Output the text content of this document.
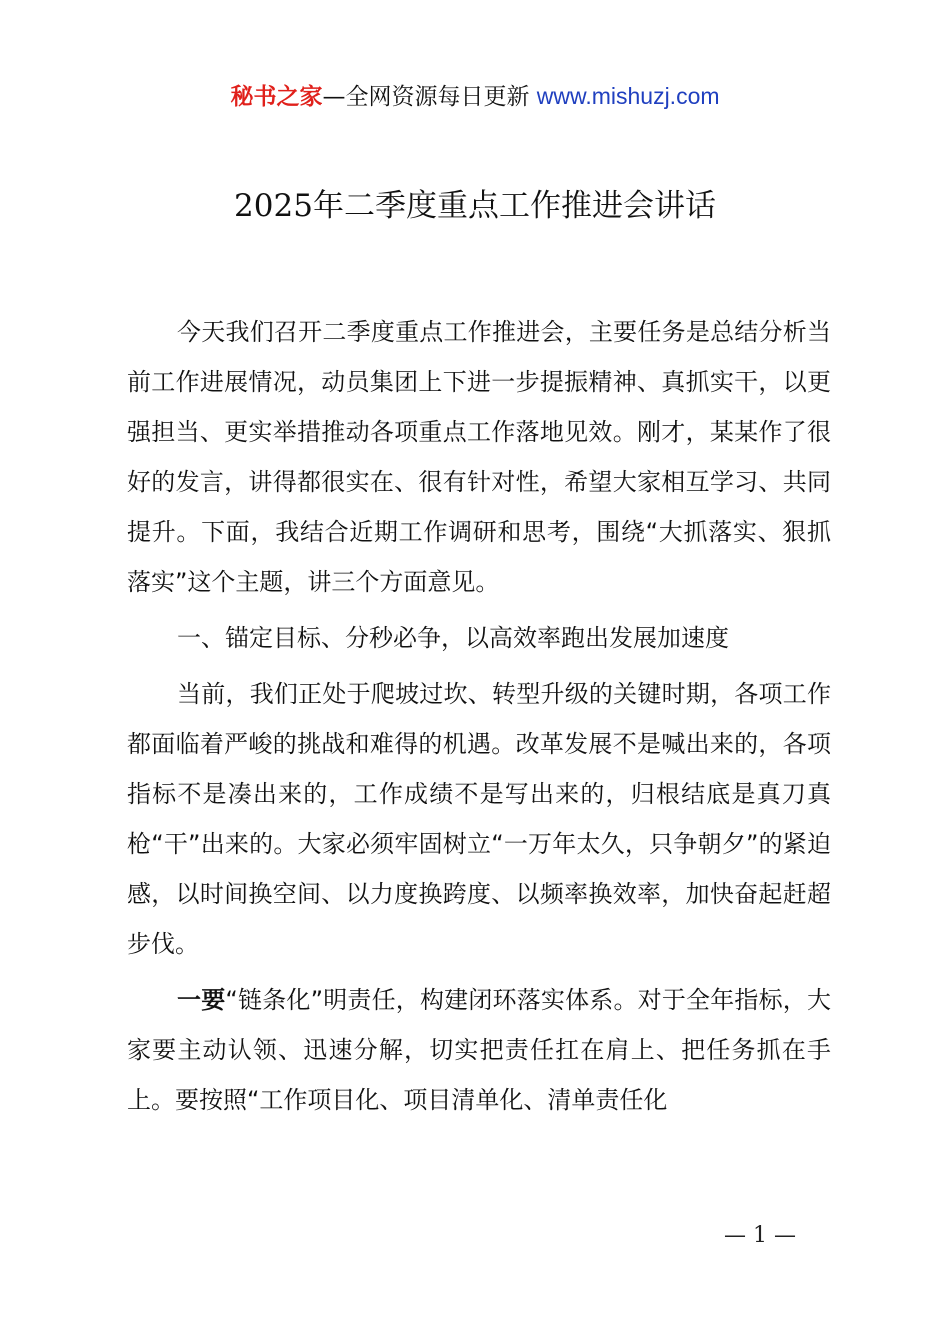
秘书之家—全网资源每日更新 www.mishuzj.com
2025年二季度重点工作推进会讲话

今天我们召开二季度重点工作推进会，主要任务是总结分析当前工作进展情况，动员集团上下进一步提振精神、真抓实干，以更强担当、更实举措推动各项重点工作落地见效。刚才，某某作了很好的发言，讲得都很实在、很有针对性，希望大家相互学习、共同提升。下面，我结合近期工作调研和思考，围绕“大抓落实、狠抓落实”这个主题，讲三个方面意见。

一、锚定目标、分秒必争，以高效率跑出发展加速度

当前，我们正处于爬坡过坎、转型升级的关键时期，各项工作都面临着严峻的挑战和难得的机遇。改革发展不是喊出来的，各项指标不是凑出来的，工作成绩不是写出来的，归根结底是真刀真枪“干”出来的。大家必须牢固树立“一万年太久，只争朝夕”的紧迫感，以时间换空间、以力度换跨度、以频率换效率，加快奋起赶超步伐。

一要“链条化”明责任，构建闭环落实体系。对于全年指标，大家要主动认领、迅速分解，切实把责任扛在肩上、把任务抓在手上。要按照“工作项目化、项目清单化、清单责任化

— 1 —
